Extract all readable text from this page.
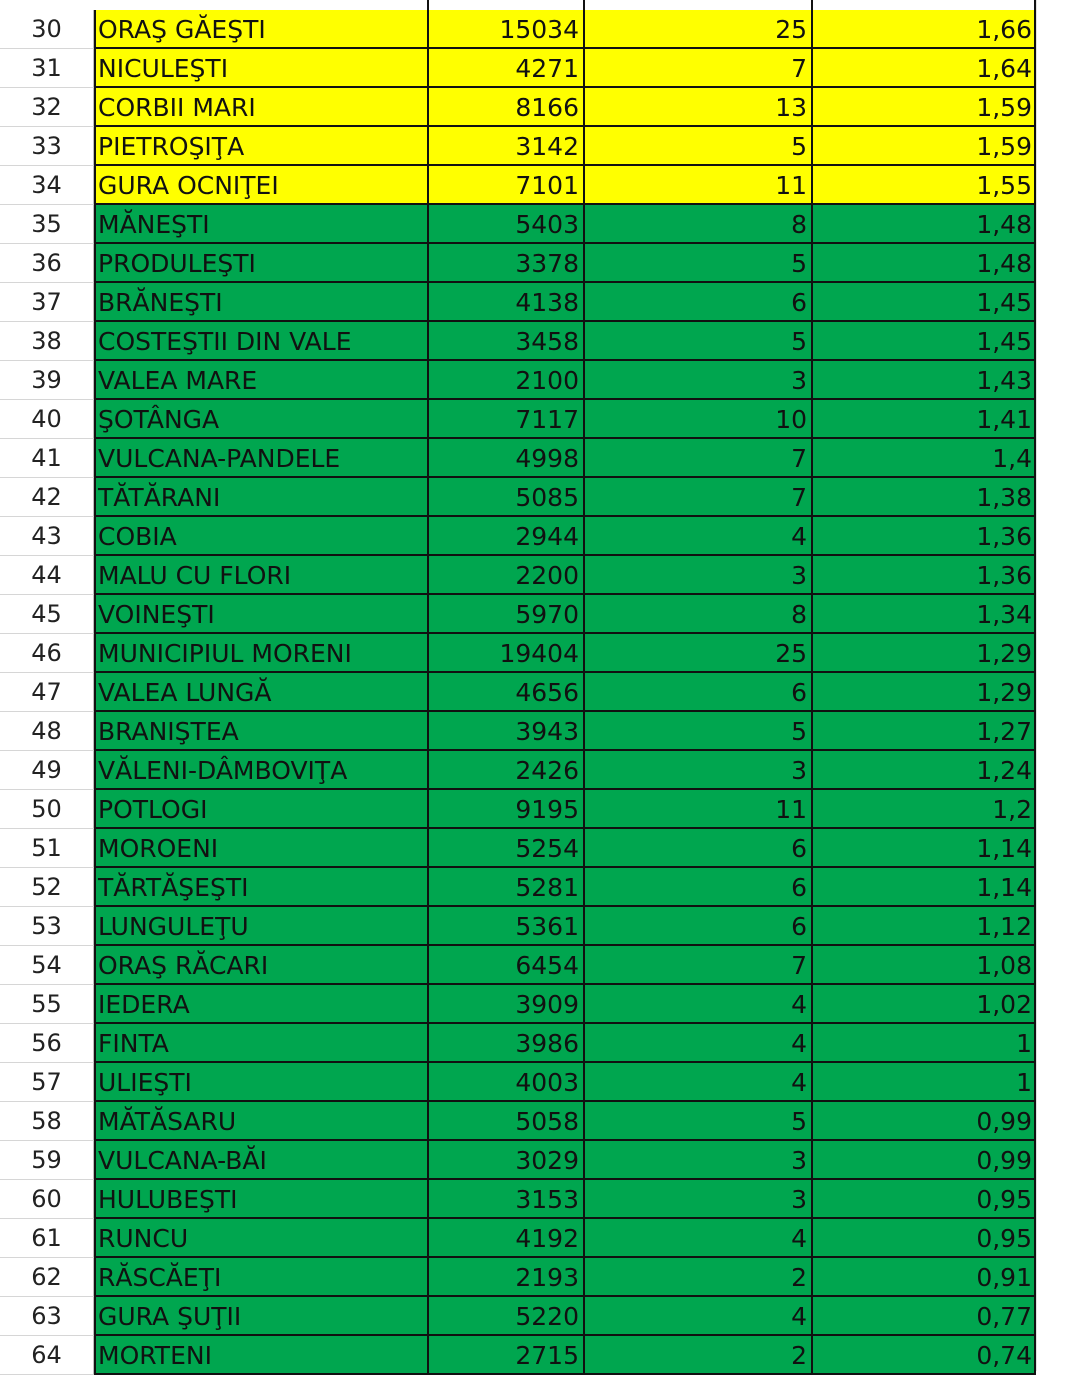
30	ORAŞ GĂEŞTI	15034	25	1,66
31	NICULEŞTI	4271	7	1,64
32	CORBII MARI	8166	13	1,59
33	PIETROŞIŢA	3142	5	1,59
34	GURA OCNIŢEI	7101	11	1,55
35	MĂNEŞTI	5403	8	1,48
36	PRODULEŞTI	3378	5	1,48
37	BRĂNEŞTI	4138	6	1,45
38	COSTEŞTII DIN VALE	3458	5	1,45
39	VALEA MARE	2100	3	1,43
40	ŞOTÂNGA	7117	10	1,41
41	VULCANA-PANDELE	4998	7	1,4
42	TĂTĂRANI	5085	7	1,38
43	COBIA	2944	4	1,36
44	MALU CU FLORI	2200	3	1,36
45	VOINEŞTI	5970	8	1,34
46	MUNICIPIUL MORENI	19404	25	1,29
47	VALEA LUNGĂ	4656	6	1,29
48	BRANIŞTEA	3943	5	1,27
49	VĂLENI-DÂMBOVIŢA	2426	3	1,24
50	POTLOGI	9195	11	1,2
51	MOROENI	5254	6	1,14
52	TĂRTĂŞEŞTI	5281	6	1,14
53	LUNGULEŢU	5361	6	1,12
54	ORAŞ RĂCARI	6454	7	1,08
55	IEDERA	3909	4	1,02
56	FINTA	3986	4	1
57	ULIEŞTI	4003	4	1
58	MĂTĂSARU	5058	5	0,99
59	VULCANA-BĂI	3029	3	0,99
60	HULUBEŞTI	3153	3	0,95
61	RUNCU	4192	4	0,95
62	RĂSCĂEŢI	2193	2	0,91
63	GURA ŞUŢII	5220	4	0,77
64	MORTENI	2715	2	0,74
